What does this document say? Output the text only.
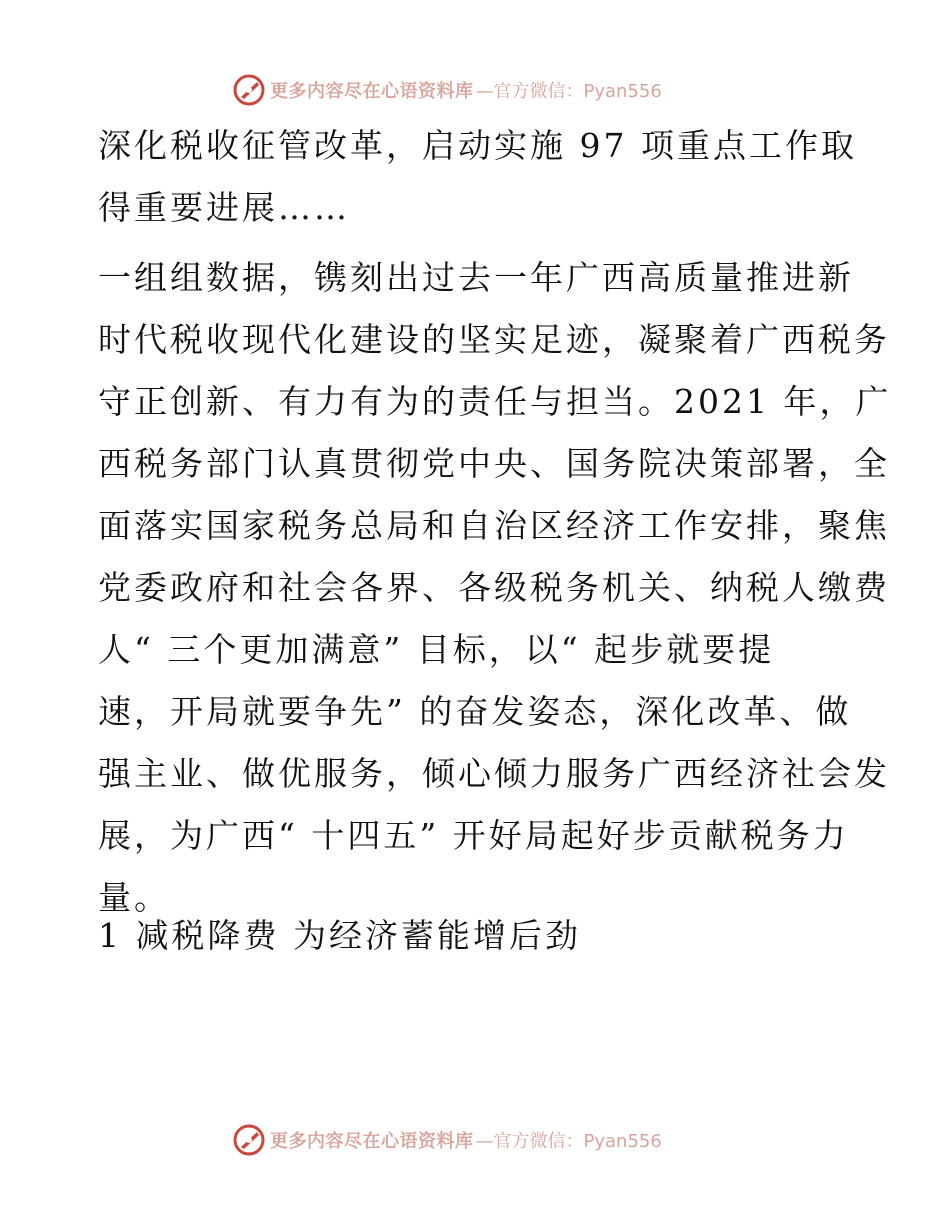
更多内容尽在心语资料库 —官方微信：Pyan556
深化税收征管改革，启动实施 97 项重点工作取
得重要进展……
一组组数据，镌刻出过去一年广西高质量推进新
时代税收现代化建设的坚实足迹，凝聚着广西税务
守正创新、有力有为的责任与担当。2021 年，广
西税务部门认真贯彻党中央、国务院决策部署，全
面落实国家税务总局和自治区经济工作安排，聚焦
党委政府和社会各界、各级税务机关、纳税人缴费
人“ 三个更加满意” 目标，以“ 起步就要提
速，开局就要争先” 的奋发姿态，深化改革、做
强主业、做优服务，倾心倾力服务广西经济社会发
展，为广西“ 十四五” 开好局起好步贡献税务力
量。
1 减税降费 为经济蓄能增后劲
更多内容尽在心语资料库 —官方微信：Pyan556
